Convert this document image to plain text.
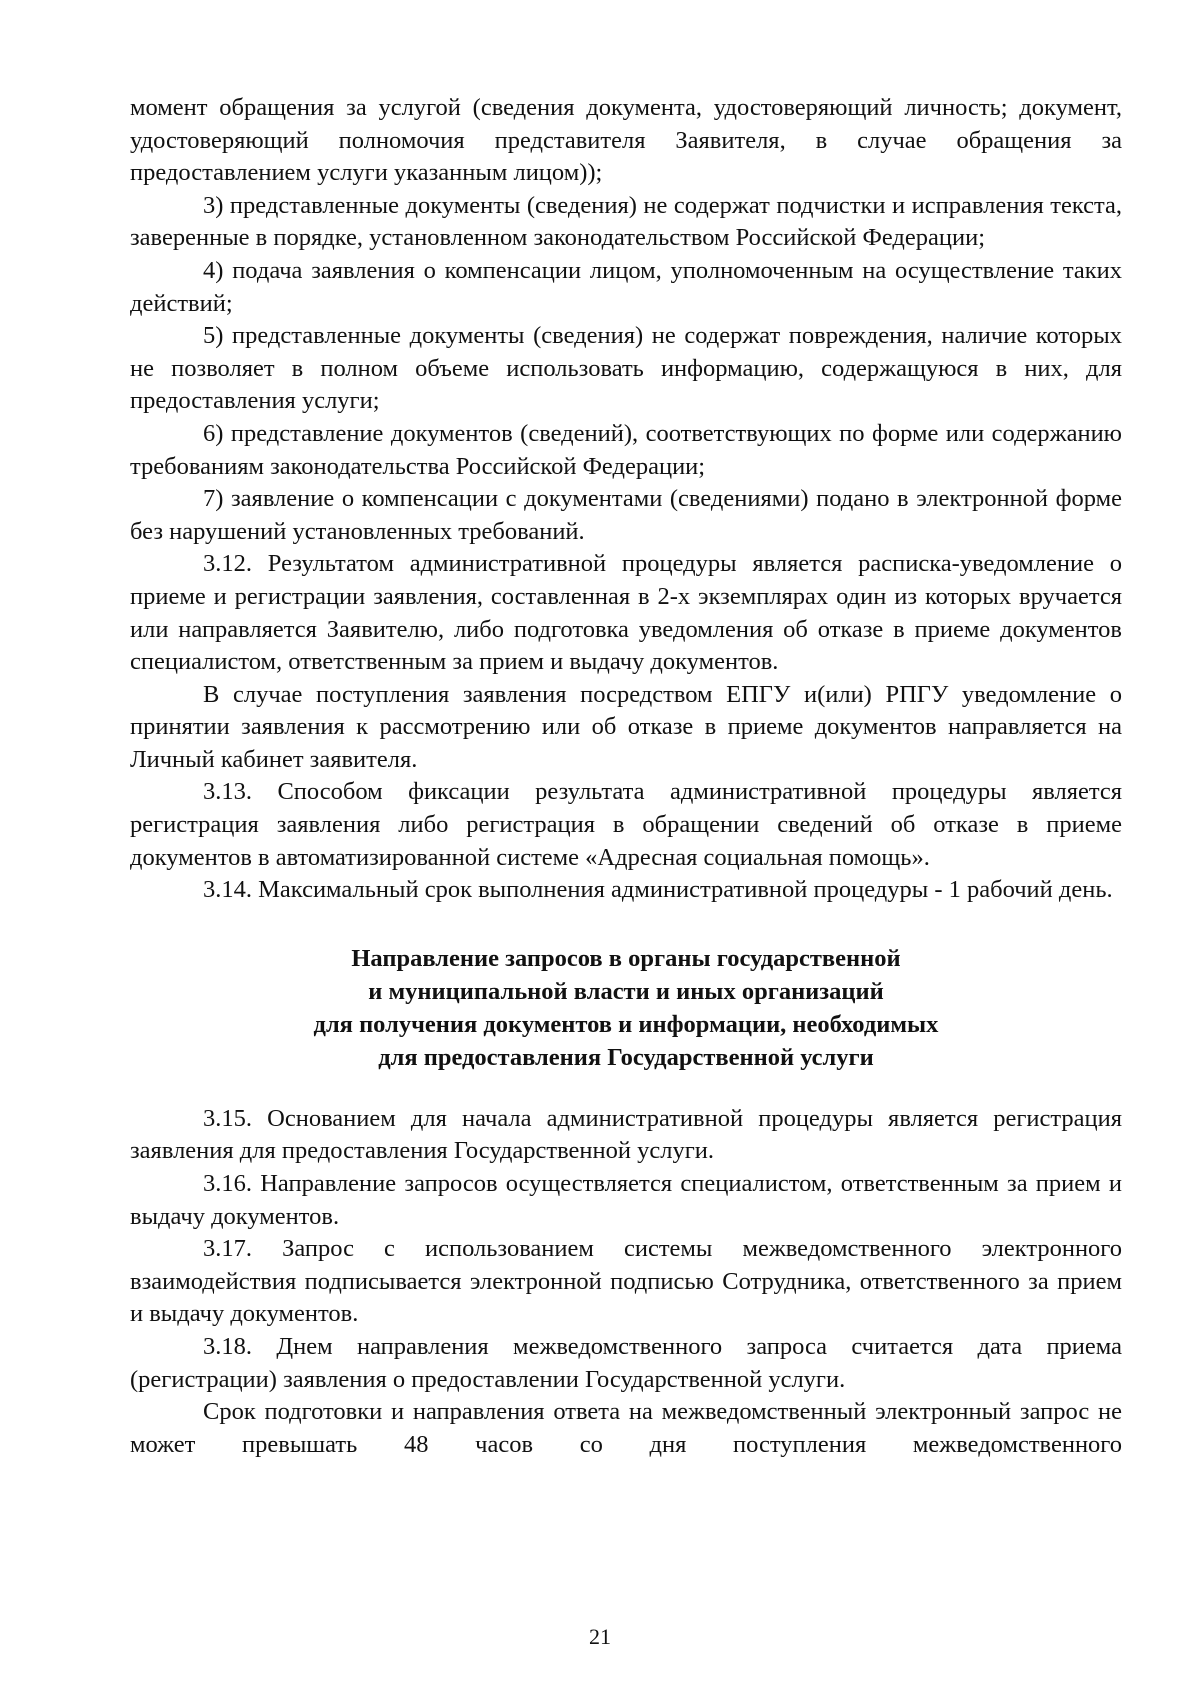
момент обращения за услугой (сведения документа, удостоверяющий личность; документ, удостоверяющий полномочия представителя Заявителя, в случае обращения за предоставлением услуги указанным лицом));

3) представленные документы (сведения) не содержат подчистки и исправления текста, заверенные в порядке, установленном законодательством Российской Федерации;

4) подача заявления о компенсации лицом, уполномоченным на осуществление таких действий;

5) представленные документы (сведения) не содержат повреждения, наличие которых не позволяет в полном объеме использовать информацию, содержащуюся в них, для предоставления услуги;

6) представление документов (сведений), соответствующих по форме или содержанию требованиям законодательства Российской Федерации;

7) заявление о компенсации с документами (сведениями) подано в электронной форме без нарушений установленных требований.

3.12. Результатом административной процедуры является расписка-уведомление о приеме и регистрации заявления, составленная в 2-х экземплярах один из которых вручается или направляется Заявителю, либо подготовка уведомления об отказе в приеме документов специалистом, ответственным за прием и выдачу документов.

В случае поступления заявления посредством ЕПГУ и(или) РПГУ уведомление о принятии заявления к рассмотрению или об отказе в приеме документов направляется на Личный кабинет заявителя.

3.13. Способом фиксации результата административной процедуры является регистрация заявления либо регистрация в обращении сведений об отказе в приеме документов в автоматизированной системе «Адресная социальная помощь».

3.14. Максимальный срок выполнения административной процедуры - 1 рабочий день.

Направление запросов в органы государственной
и муниципальной власти и иных организаций
для получения документов и информации, необходимых
для предоставления Государственной услуги

3.15. Основанием для начала административной процедуры является регистрация заявления для предоставления Государственной услуги.

3.16. Направление запросов осуществляется специалистом, ответственным за прием и выдачу документов.

3.17. Запрос с использованием системы межведомственного электронного взаимодействия подписывается электронной подписью Сотрудника, ответственного за прием и выдачу документов.

3.18. Днем направления межведомственного запроса считается дата приема (регистрации) заявления о предоставлении Государственной услуги.

Срок подготовки и направления ответа на межведомственный электронный запрос не может превышать 48 часов со дня поступления межведомственного

21
